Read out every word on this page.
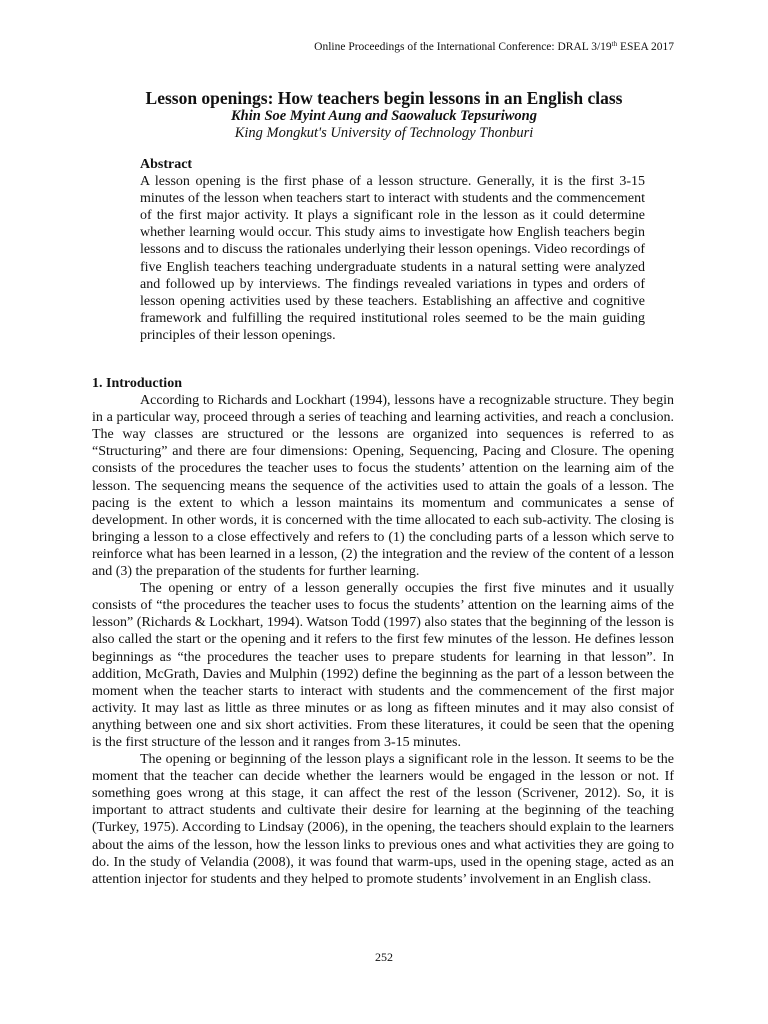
Online Proceedings of the International Conference: DRAL 3/19th ESEA 2017
Lesson openings: How teachers begin lessons in an English class
Khin Soe Myint Aung and Saowaluck Tepsuriwong
King Mongkut's University of Technology Thonburi
Abstract

A lesson opening is the first phase of a lesson structure. Generally, it is the first 3-15 minutes of the lesson when teachers start to interact with students and the commencement of the first major activity. It plays a significant role in the lesson as it could determine whether learning would occur. This study aims to investigate how English teachers begin lessons and to discuss the rationales underlying their lesson openings. Video recordings of five English teachers teaching undergraduate students in a natural setting were analyzed and followed up by interviews. The findings revealed variations in types and orders of lesson opening activities used by these teachers. Establishing an affective and cognitive framework and fulfilling the required institutional roles seemed to be the main guiding principles of their lesson openings.

1. Introduction

According to Richards and Lockhart (1994), lessons have a recognizable structure. They begin in a particular way, proceed through a series of teaching and learning activities, and reach a conclusion. The way classes are structured or the lessons are organized into sequences is referred to as “Structuring” and there are four dimensions: Opening, Sequencing, Pacing and Closure. The opening consists of the procedures the teacher uses to focus the students’ attention on the learning aim of the lesson. The sequencing means the sequence of the activities used to attain the goals of a lesson. The pacing is the extent to which a lesson maintains its momentum and communicates a sense of development. In other words, it is concerned with the time allocated to each sub-activity. The closing is bringing a lesson to a close effectively and refers to (1) the concluding parts of a lesson which serve to reinforce what has been learned in a lesson, (2) the integration and the review of the content of a lesson and (3) the preparation of the students for further learning.

The opening or entry of a lesson generally occupies the first five minutes and it usually consists of “the procedures the teacher uses to focus the students’ attention on the learning aims of the lesson” (Richards & Lockhart, 1994). Watson Todd (1997) also states that the beginning of the lesson is also called the start or the opening and it refers to the first few minutes of the lesson. He defines lesson beginnings as “the procedures the teacher uses to prepare students for learning in that lesson”. In addition, McGrath, Davies and Mulphin (1992) define the beginning as the part of a lesson between the moment when the teacher starts to interact with students and the commencement of the first major activity. It may last as little as three minutes or as long as fifteen minutes and it may also consist of anything between one and six short activities. From these literatures, it could be seen that the opening is the first structure of the lesson and it ranges from 3-15 minutes.

The opening or beginning of the lesson plays a significant role in the lesson. It seems to be the moment that the teacher can decide whether the learners would be engaged in the lesson or not. If something goes wrong at this stage, it can affect the rest of the lesson (Scrivener, 2012). So, it is important to attract students and cultivate their desire for learning at the beginning of the teaching (Turkey, 1975). According to Lindsay (2006), in the opening, the teachers should explain to the learners about the aims of the lesson, how the lesson links to previous ones and what activities they are going to do. In the study of Velandia (2008), it was found that warm-ups, used in the opening stage, acted as an attention injector for students and they helped to promote students’ involvement in an English class.

252
